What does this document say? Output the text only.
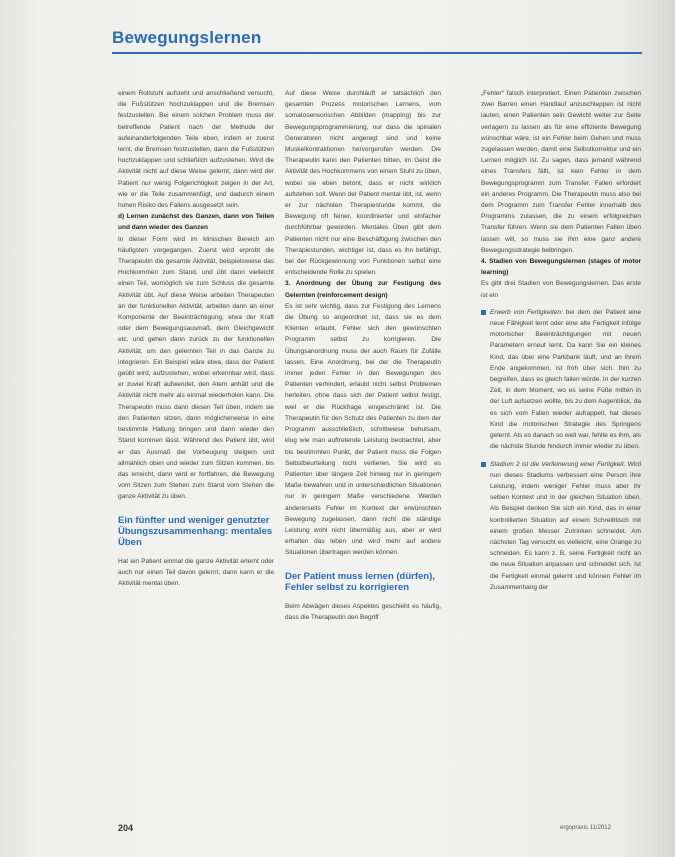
Bewegungslernen

einem Rollstuhl aufsteht und anschließend versucht, die Fußstützen hochzuklappen und die Bremsen festzustellen. Bei einem solchen Problem muss der betreffende Patient nach der Methode der aufeinanderfolgenden Teile eben, indem er zuerst lernt, die Bremsen festzustellen, dann die Fußstützen hochzuklappen und schließlich aufzustehen. Wird die Aktivität nicht auf diese Weise gelernt, dann wird der Patient nur wenig Folgerichtigkeit zeigen in der Art, wie er die Teile zusammenfügt, und dadurch einem hohen Risiko des Fallens ausgesetzt sein.

d) Lernen zunächst des Ganzen, dann von Teilen und dann wieder des Ganzen

In dieser Form wird im klinischen Bereich am häufigsten vorgegangen. Zuerst wird erprobt die Therapeutin die gesamte Aktivität, beispielsweise das Hochkommen zum Stand, und übt dann vielleicht einen Teil, womöglich sie zum Schluss die gesamte Aktivität übt. Auf diese Weise arbeiten Therapeuten an der funktionellen Aktivität, arbeiten dann an einer Komponente der Beeinträchtigung, etwa der Kraft oder dem Bewegungsausmaß, dem Gleichgewicht etc. und gehen dann zurück zu der funktionellen Aktivität, um den gelernten Teil in das Ganze zu integrieren. Ein Beispiel wäre etwa, dass der Patient geübt wird, aufzustehen, wobei erkennbar wird, dass er zuviel Kraft aufwendet, den Atem anhält und die Aktivität nicht mehr als einmal wiederholen kann. Die Therapeutin muss dann diesen Teil üben, indem sie den Patienten sitzen, dann möglicherweise in eine bestimmte Haltung bringen und dann wieder den Stand kommen lässt. Während des Patient übt, wird er das Ausmaß der Vorbeugung steigern und allmählich oben und wieder zum Sitzen kommen, bis das erreicht, dann wird er fortfahren, die Bewegung vom Sitzen zum Stehen zum Stand vom Stehen die ganze Aktivität zu üben.

Ein fünfter und weniger genutzter Übungszusammenhang: mentales Üben

Hat ein Patient einmal die ganze Aktivität erlernt oder auch nur einen Teil davon gelernt, dann kann er die Aktivität mental üben.

Auf diese Weise durchläuft er tatsächlich den gesamten Prozess motorischen Lernens, vom somatosensorischen Abbilden (mapping) bis zur Bewegungsprogrammierung, nur dass die spinalen Generatoren nicht angeregt sind und keine Muskelkontraktionen hervorgerufen werden. Die Therapeutin kann den Patienten bitten, im Geist die Aktivität des Hochkommens von einem Stuhl zu üben, wobei sie eben betont, dass er nicht wirklich aufstehen soll. Wenn der Patient mental übt, ist, wenn er zur nächsten Therapiestunde kommt, die Bewegung oft feiner, koordinierter und einfacher durchführbar geworden. Mentales Üben gibt dem Patienten nicht nur eine Beschäftigung zwischen den Therapiestunden, wichtiger ist, dass es ihn befähigt, bei der Rückgewinnung von Funktionen selbst eine entscheidende Rolle zu spielen.

3. Anordnung der Übung zur Festigung des Gelernten (reinforcement design)

Es ist sehr wichtig, dass zur Festigung des Lernens die Übung so angeordnet ist, dass sie es dem Klienten erlaubt, Fehler sich den gewünschten Programm selbst zu korrigieren. Die Übungsanordnung muss der auch Raum für Zufälle lassen. Eine Anordnung, bei der die Therapeutin immer jeden Fehler in den Bewegungen des Patienten verhindert, erlaubt nicht selbst Problemen herleiten, ohne dass sich der Patient selbst festigt, weil er die Rückfrage eingeschränkt ist. Die Therapeutin für den Schutz des Patienten zu dem der Programm ausschließlich, schrittweise behutsam, klug wie man auftretende Leistung beobachtet, aber bis bestimmten Punkt, der Patient muss die Folgen Selbstbeurteilung nicht verlieren. Sie wird es Patienten über längere Zeit hinweg nur in geringem Maße bewahren und in unterschiedlichen Situationen nur in geringem Maße verschiedene. Werden andererseits Fehler im Kontext der erwünschten Bewegung zugelassen, dann nicht die ständige Leistung wohl nicht übermäßig aus, aber er wird erhalten das leben und wird mehr auf andere Situationen übertragen werden können.

Der Patient muss lernen (dürfen), Fehler selbst zu korrigieren

Beim Abwägen dieses Aspektes geschieht es häufig, dass die Therapeutin den Begriff

„Fehler“ falsch interpretiert. Einen Patienten zwischen zwei Barren einen Handlauf anzuschleppen ist nicht lauten, einen Patienten sein Gewicht weiter zur Seite verlagern zu lassen als für eine effiziente Bewegung wünschbar wäre, ist ein Fehler beim Gehen und muss zugelassen werden, damit eine Selbstkorrektur und ein Lernen möglich ist. Zu sagen, dass jemand während eines Transfers fällt, ist kein Fehler in dem Bewegungsprogramm zum Transfer. Fallen erfordert ein anderes Programm. Die Therapeutin muss also bei dem Programm zum Transfer Fehler innerhalb des Programms zulassen, die zu einem erfolgreichen Transfer führen. Wenn sie dem Patienten Fallen üben lassen will, so muss sie ihm eine ganz andere Bewegungsstrategie beibringen.

4. Stadien von Bewegungslernen (stages of motor learning)

Es gibt drei Stadien von Bewegungslernen. Das erste ist ein

Erwerb von Fertigkeiten: bei dem der Patient eine neue Fähigkeit lernt oder eine alte Fertigkeit infolge motorischer Beeinträchtigungen mit neuen Parametern erneut lernt. Da kann Sie ein kleines Kind, das über eine Parkbank läuft, und an ihrem Ende angekommen, ist froh über sich. Ihm zu begreifen, dass es gleich fallen würde. In der kurzen Zeit, in dem Moment, wo es seine Füße mitten in der Luft aufsetzen wollte, bis zu dem Augenblick, da es sich vom Fallen wieder aufrappelt, hat dieses Kind die motorischen Strategie des Springens gelernt. Als es danach so weit war, fehlte es ihm, als die nächste Stunde hindurch immer wieder zu üben.
Stadium 2 ist die Verfeinerung einer Fertigkeit. Wird nun dieses Stadiums verbessert eine Person ihre Leistung, indem weniger Fehler muss aber ihr selben Kontext und in der gleichen Situation üben. Als Beispiel denken Sie sich ein Kind, das in einer kontrollierten Situation auf einem Schreibtisch mit einem großen Messer Zutrinken schneidet. Am nächsten Tag versucht es vielleicht, eine Orange zu schneiden. Es kann z. B. seine Fertigkeit nicht an die neue Situation anpassen und schneidet sich. Ist die Fertigkeit einmal gelernt und können Fehler im Zusammenhang der
204	ergopraxis 11/2012
